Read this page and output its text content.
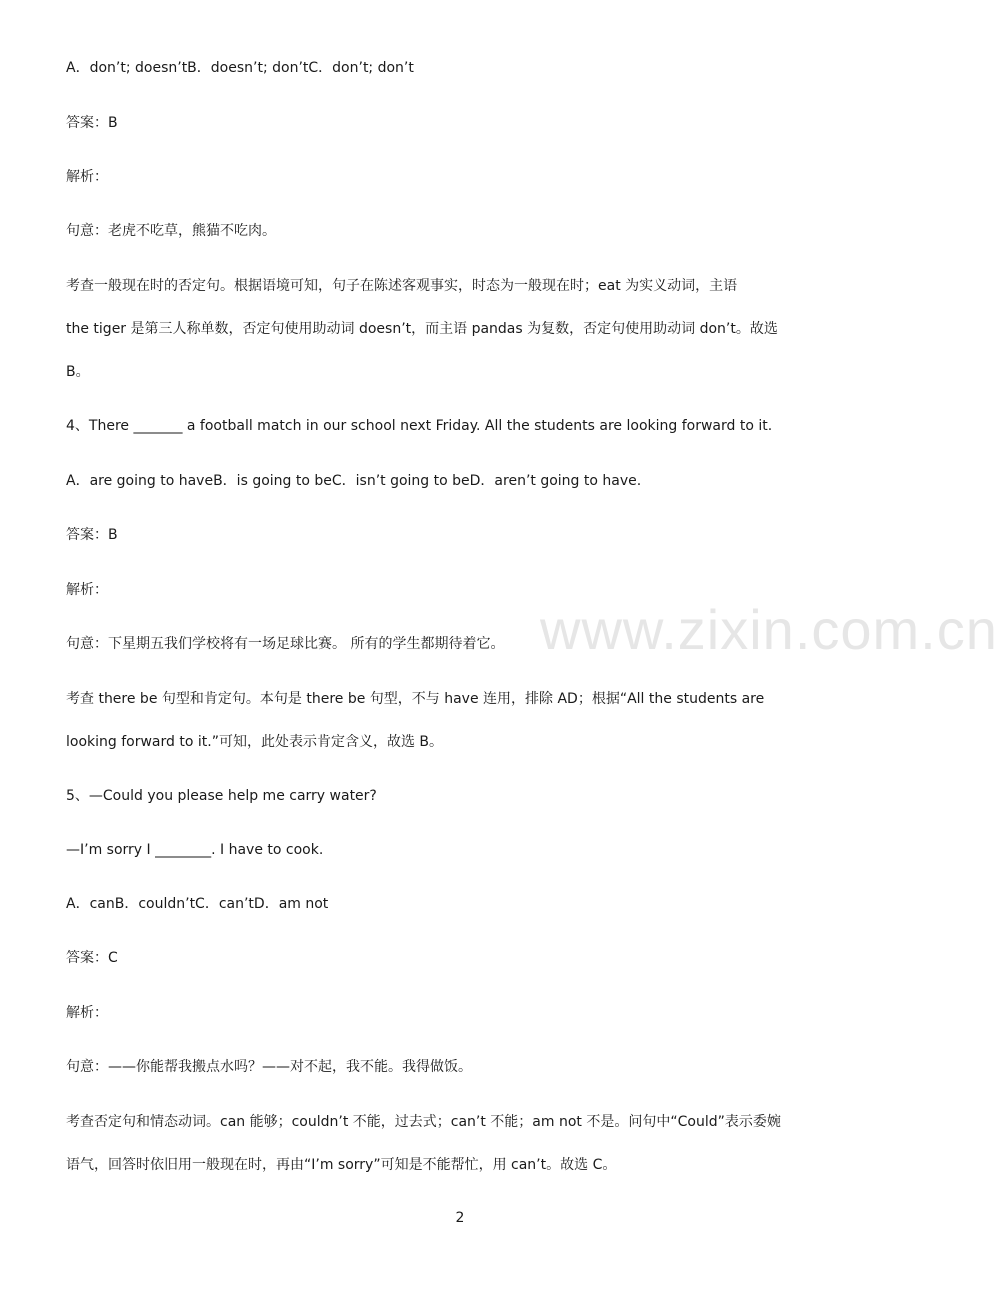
www.zixin.com.cn
A．don’t; doesn’tB．doesn’t; don’tC．don’t; don’t
答案：B
解析：
句意：老虎不吃草，熊猫不吃肉。
考查一般现在时的否定句。根据语境可知，句子在陈述客观事实，时态为一般现在时；eat 为实义动词，主语
the tiger 是第三人称单数，否定句使用助动词 doesn’t，而主语 pandas 为复数，否定句使用助动词 don’t。故选
B。
4、There _______ a football match in our school next Friday. All the students are looking forward to it.
A．are going to haveB．is going to beC．isn’t going to beD．aren’t going to have.
答案：B
解析：
句意：下星期五我们学校将有一场足球比赛。 所有的学生都期待着它。
考查 there be 句型和肯定句。本句是 there be 句型，不与 have 连用，排除 AD；根据“All the students are
looking forward to it.”可知，此处表示肯定含义，故选 B。
5、—Could you please help me carry water?
—I’m sorry I ________. I have to cook.
A．canB．couldn’tC．can’tD．am not
答案：C
解析：
句意：——你能帮我搬点水吗？——对不起，我不能。我得做饭。
考查否定句和情态动词。can 能够；couldn’t 不能，过去式；can’t 不能；am not 不是。问句中“Could”表示委婉
语气，回答时依旧用一般现在时，再由“I’m sorry”可知是不能帮忙，用 can’t。故选 C。
2
